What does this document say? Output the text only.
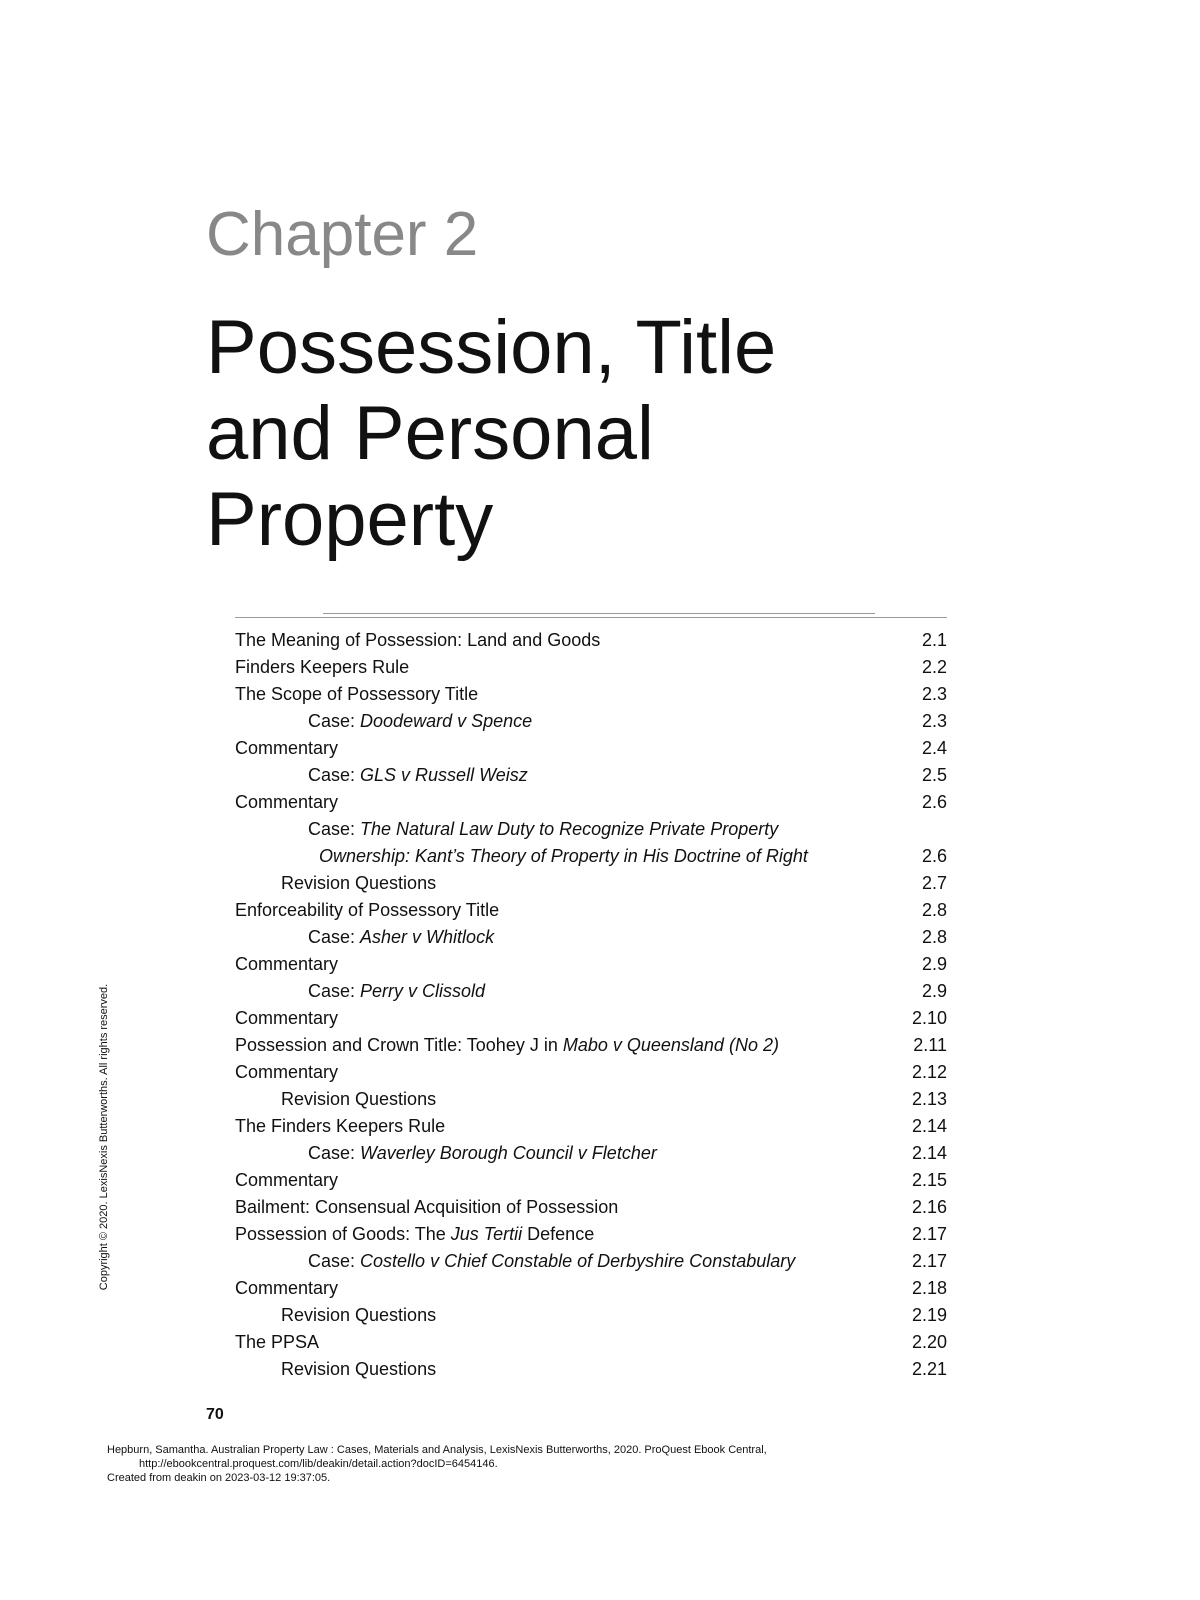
Chapter 2
Possession, Title
and Personal
Property
The Meaning of Possession: Land and Goods	2.1
Finders Keepers Rule	2.2
The Scope of Possessory Title	2.3
Case: Doodeward v Spence	2.3
Commentary	2.4
Case: GLS v Russell Weisz	2.5
Commentary	2.6
Case: The Natural Law Duty to Recognize Private Property
Ownership: Kant’s Theory of Property in His Doctrine of Right	2.6
Revision Questions	2.7
Enforceability of Possessory Title	2.8
Case: Asher v Whitlock	2.8
Commentary	2.9
Case: Perry v Clissold	2.9
Commentary	2.10
Possession and Crown Title: Toohey J in Mabo v Queensland (No 2)	2.11
Commentary	2.12
Revision Questions	2.13
The Finders Keepers Rule	2.14
Case: Waverley Borough Council v Fletcher	2.14
Commentary	2.15
Bailment: Consensual Acquisition of Possession	2.16
Possession of Goods: The Jus Tertii Defence	2.17
Case: Costello v Chief Constable of Derbyshire Constabulary	2.17
Commentary	2.18
Revision Questions	2.19
The PPSA	2.20
Revision Questions	2.21
70
Copyright © 2020. LexisNexis Butterworths. All rights reserved.
Hepburn, Samantha. Australian Property Law : Cases, Materials and Analysis, LexisNexis Butterworths, 2020. ProQuest Ebook Central,
http://ebookcentral.proquest.com/lib/deakin/detail.action?docID=6454146.
Created from deakin on 2023-03-12 19:37:05.
